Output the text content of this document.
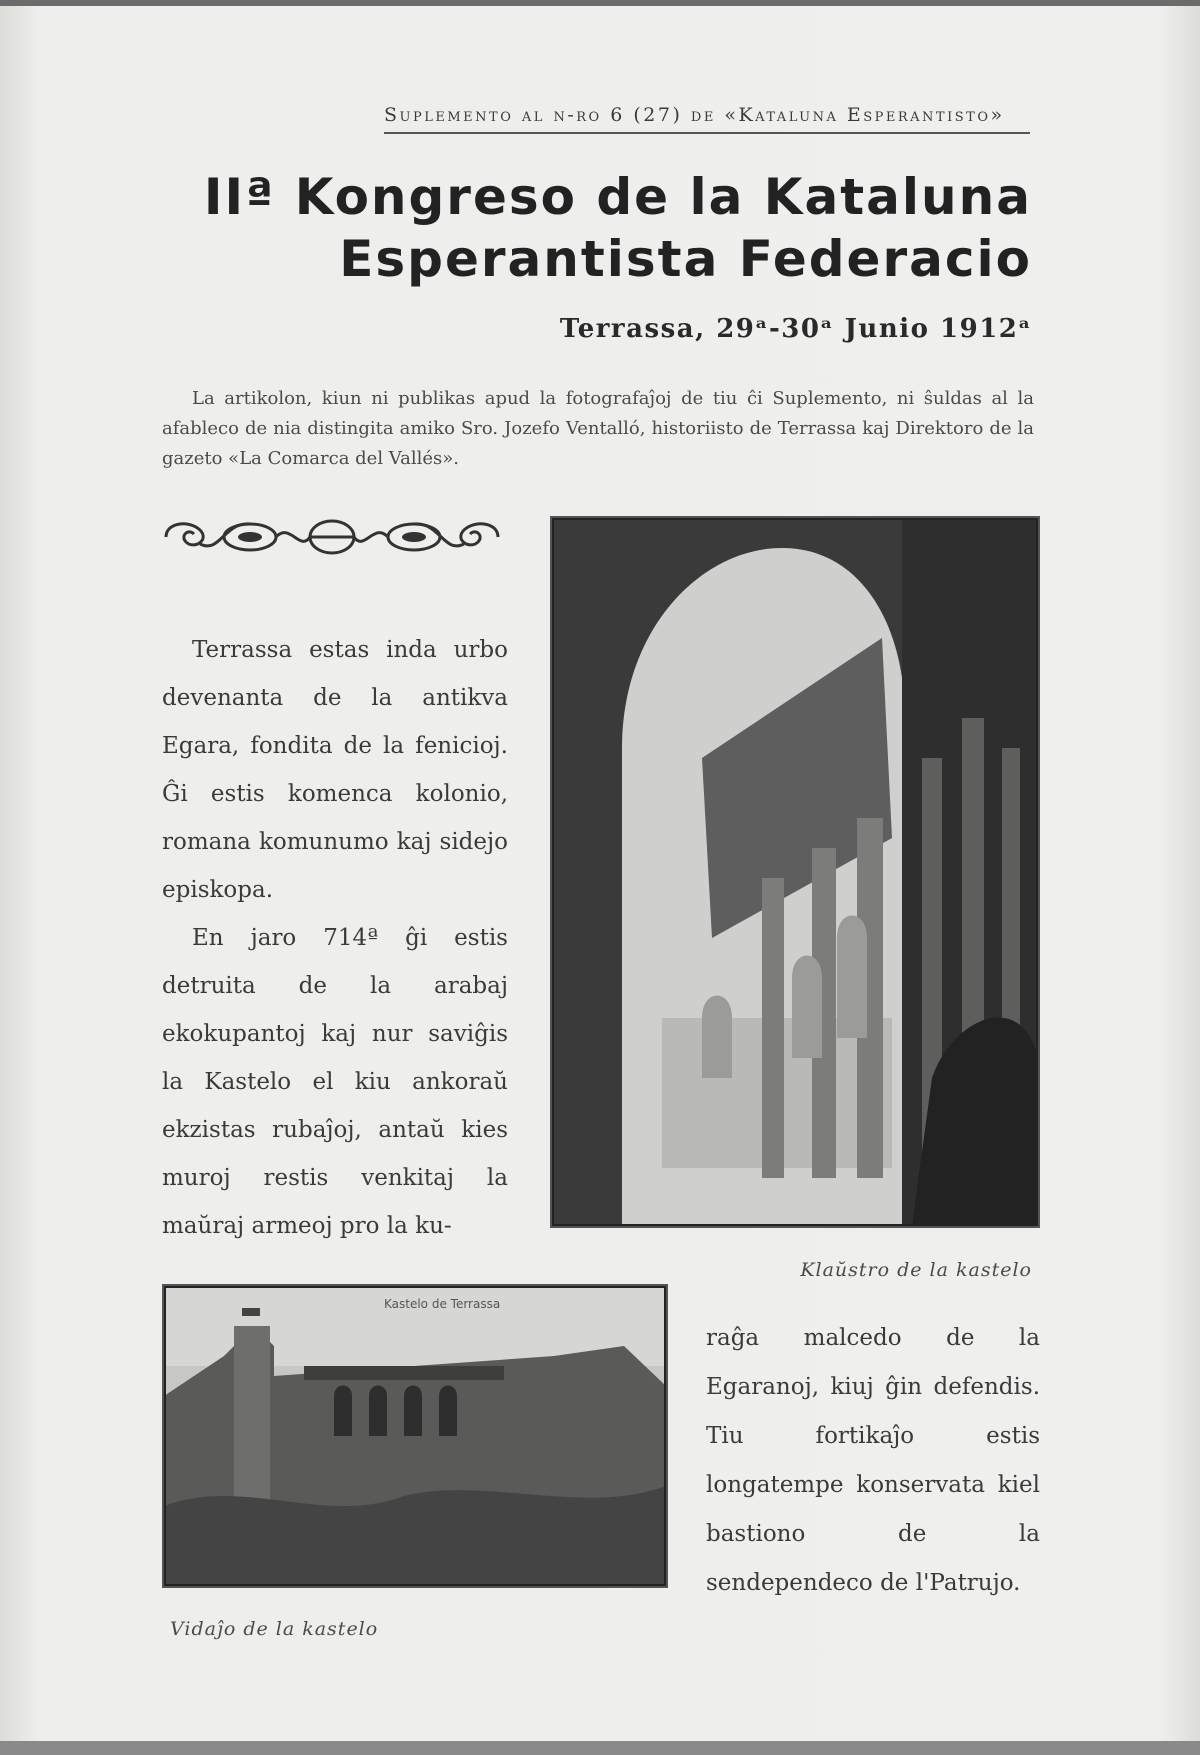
Suplemento al n-ro 6 (27) de «Kataluna Esperantisto»
IIª Kongreso de la Kataluna
Esperantista Federacio
Terrassa, 29ᵃ-30ᵃ Junio 1912ᵃ

La artikolon, kiun ni publikas apud la fotografaĵoj de tiu ĉi Suplemento, ni ŝuldas al la afableco de nia distingita amiko Sro. Jozefo Ventalló, historiisto de Terrassa kaj Direktoro de la gazeto «La Comarca del Vallés».

Terrassa estas inda urbo devenanta de la antikva Egara, fondita de la fenicioj. Ĝi estis komenca kolonio, romana komunumo kaj sidejo episkopa.

En jaro 714ª ĝi estis detruita de la arabaj ekokupantoj kaj nur saviĝis la Kastelo el kiu ankoraŭ ekzistas rubaĵoj, antaŭ kies muroj restis venkitaj la maŭraj armeoj pro la ku-

Klaŭstro de la kastelo
Kastelo de Terrassa
Vidaĵo de la kastelo

raĝa malcedo de la Egaranoj, kiuj ĝin defendis. Tiu fortikaĵo estis longatempe konservata kiel bastiono de la sendependeco de l'Patrujo.
